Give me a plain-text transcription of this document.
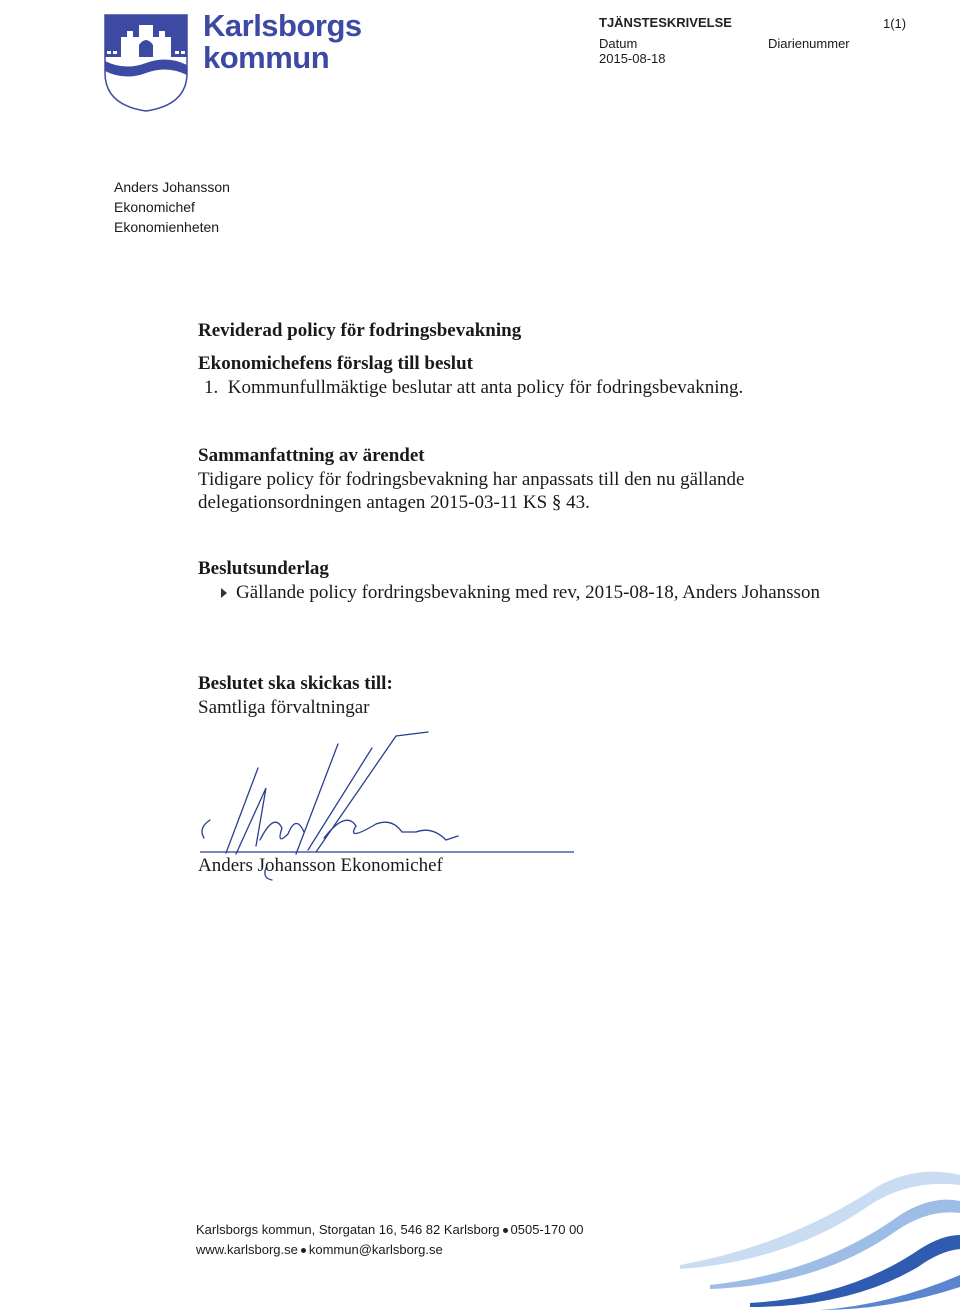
Karlsborgs
kommun
TJÄNSTESKRIVELSE
Datum
2015-08-18
Diarienummer
1(1)
Anders Johansson
Ekonomichef
Ekonomienheten
Reviderad policy för fodringsbevakning
Ekonomichefens förslag till beslut
1.  Kommunfullmäktige beslutar att anta policy för fodringsbevakning.
Sammanfattning av ärendet
Tidigare policy för fodringsbevakning har anpassats till den nu gällande
delegationsordningen antagen 2015-03-11 KS § 43.
Beslutsunderlag
Gällande policy fordringsbevakning med rev, 2015-08-18, Anders Johansson
Beslutet ska skickas till:
Samtliga förvaltningar
Anders Johansson Ekonomichef
Karlsborgs kommun, Storgatan 16, 546 82 Karlsborg 0505-170 00
www.karlsborg.se kommun@karlsborg.se
